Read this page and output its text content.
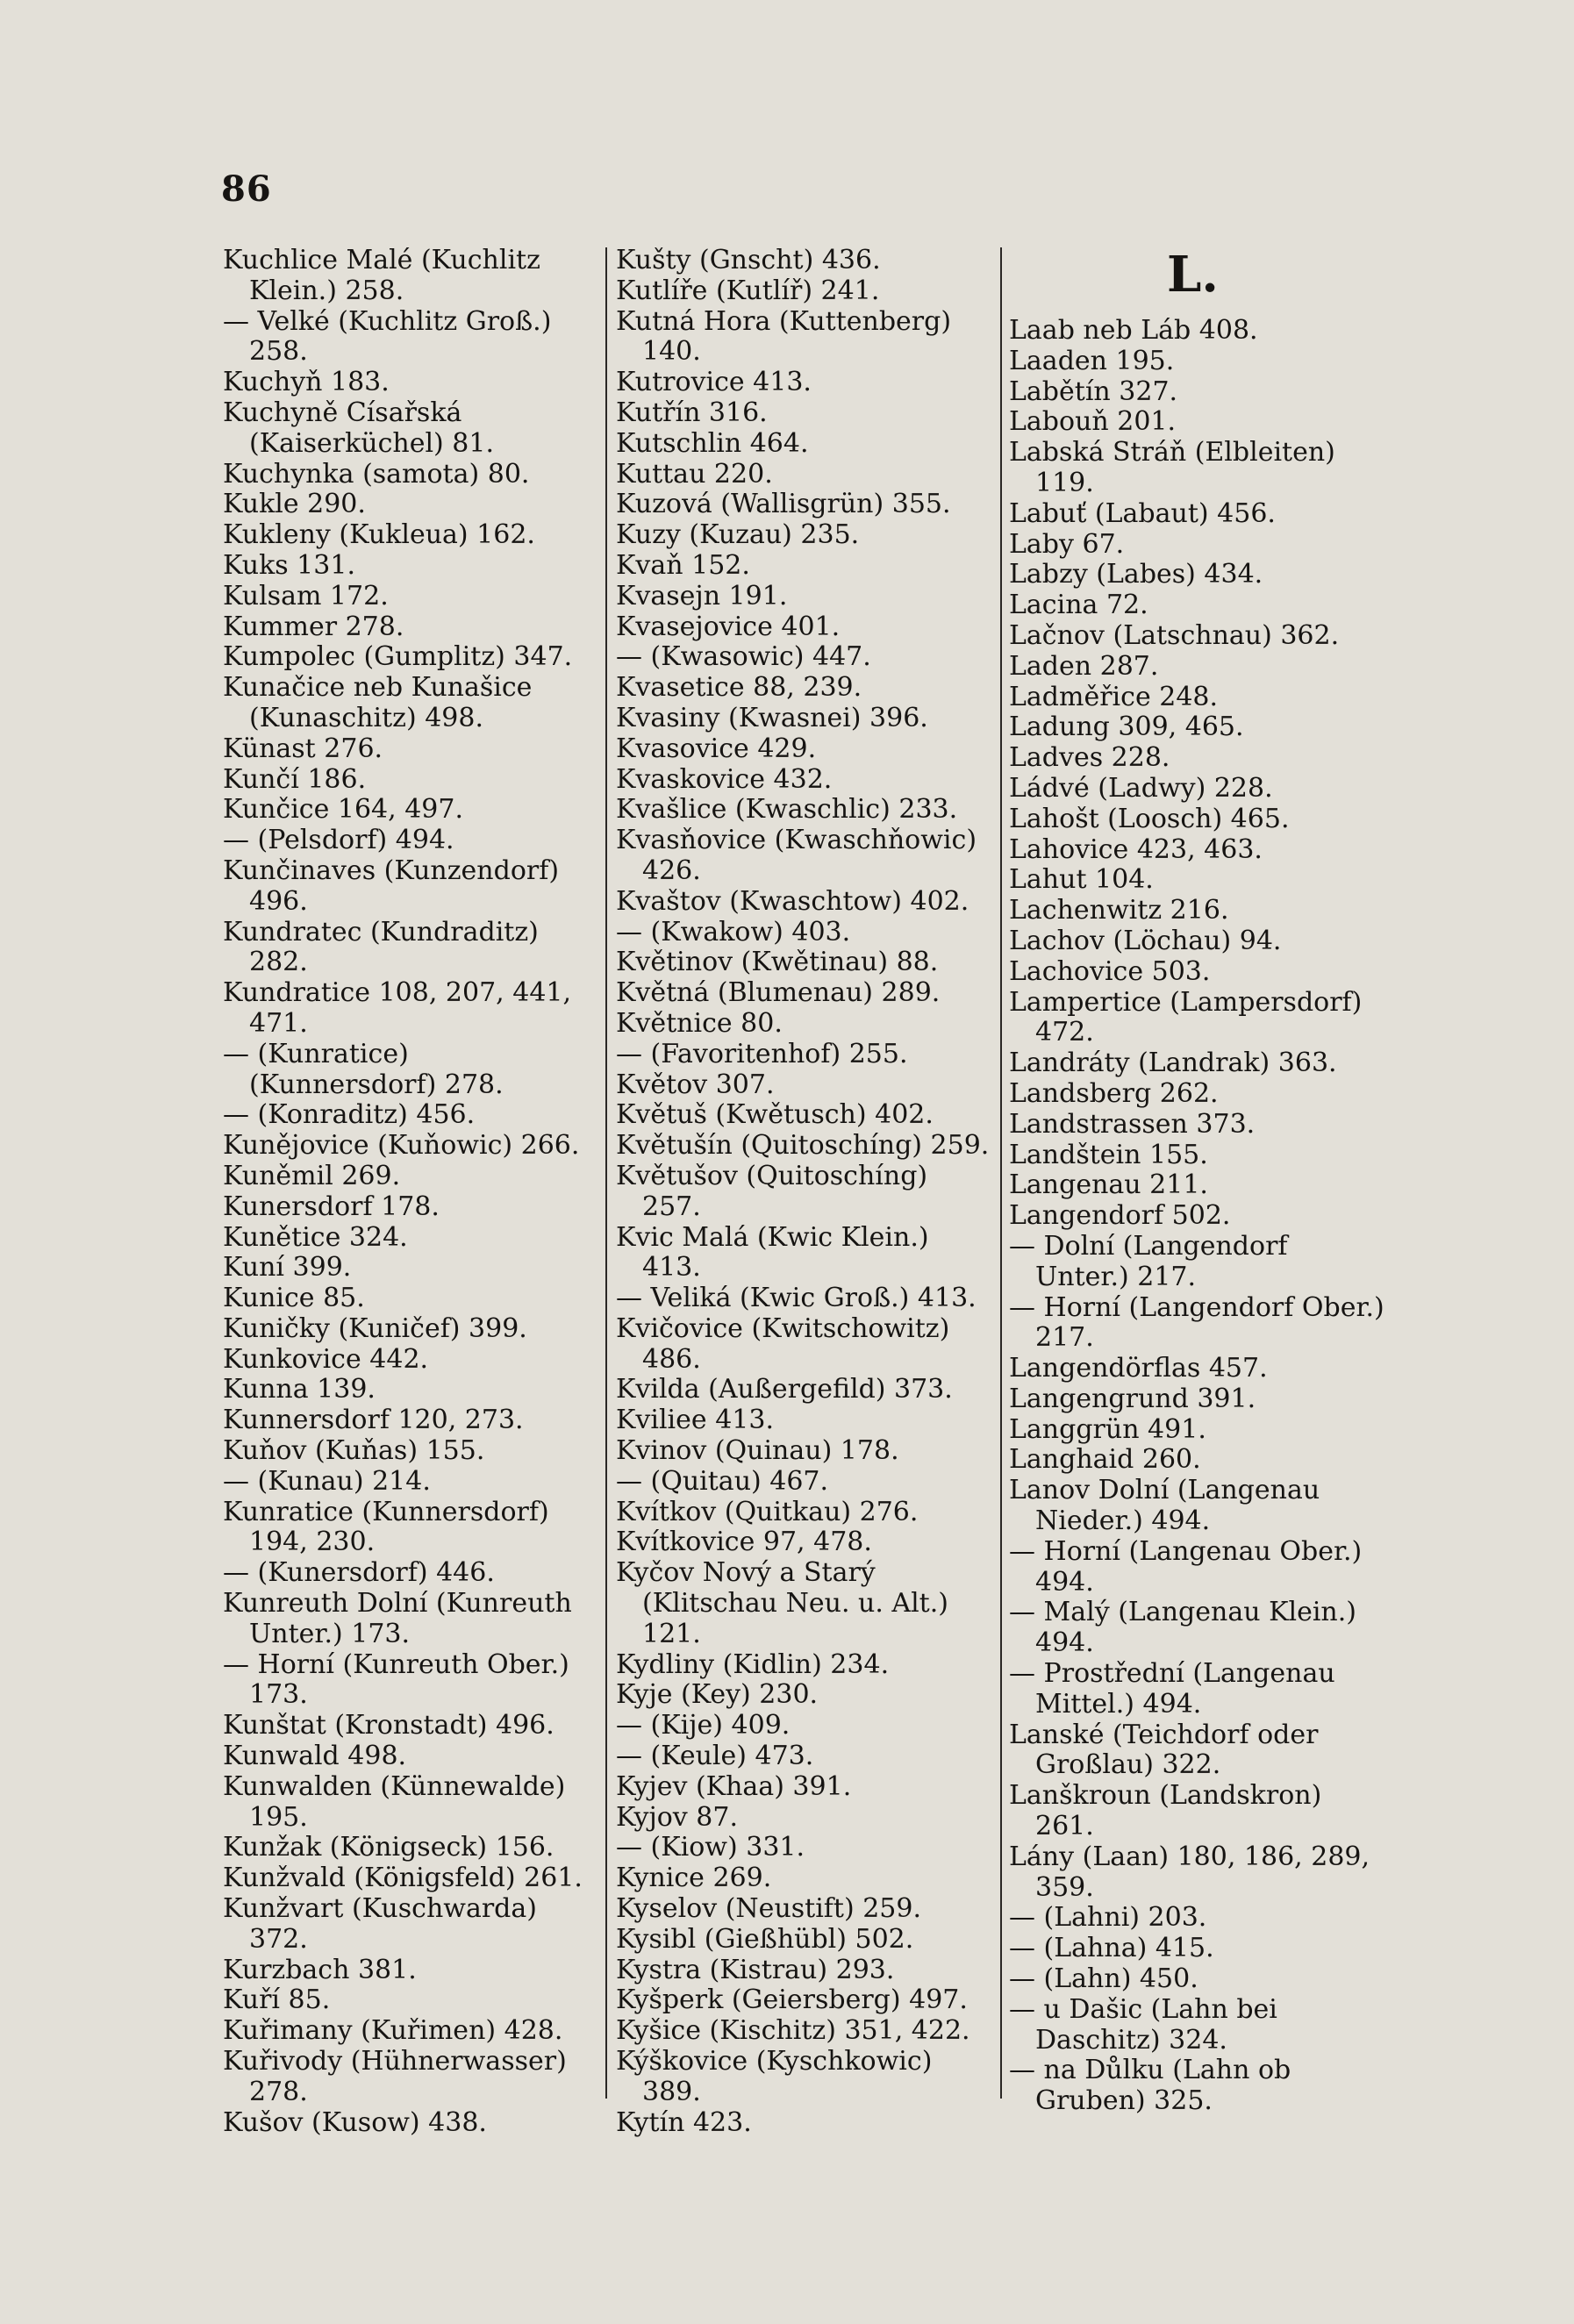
86
Kuchlice Malé (Kuchlitz Klein.) 258.
— Velké (Kuchlitz Groß.) 258.
Kuchyň 183.
Kuchyně Císařská (Kaiserküchel) 81.
Kuchynka (samota) 80.
Kukle 290.
Kukleny (Kukleua) 162.
Kuks 131.
Kulsam 172.
Kummer 278.
Kumpolec (Gumplitz) 347.
Kunačice neb Kunašice (Kunaschitz) 498.
Künast 276.
Kunčí 186.
Kunčice 164, 497.
— (Pelsdorf) 494.
Kunčinaves (Kunzendorf) 496.
Kundratec (Kundraditz) 282.
Kundratice 108, 207, 441, 471.
— (Kunratice) (Kunnersdorf) 278.
— (Konraditz) 456.
Kunějovice (Kuňowic) 266.
Kuněmil 269.
Kunersdorf 178.
Kunětice 324.
Kuní 399.
Kunice 85.
Kuničky (Kuničef) 399.
Kunkovice 442.
Kunna 139.
Kunnersdorf 120, 273.
Kuňov (Kuňas) 155.
— (Kunau) 214.
Kunratice (Kunnersdorf) 194, 230.
— (Kunersdorf) 446.
Kunreuth Dolní (Kunreuth Unter.) 173.
— Horní (Kunreuth Ober.) 173.
Kunštat (Kronstadt) 496.
Kunwald 498.
Kunwalden (Künnewalde) 195.
Kunžak (Königseck) 156.
Kunžvald (Königsfeld) 261.
Kunžvart (Kuschwarda) 372.
Kurzbach 381.
Kuří 85.
Kuřimany (Kuřimen) 428.
Kuřivody (Hühnerwasser) 278.
Kušov (Kusow) 438.
Kušty (Gnscht) 436.
Kutlíře (Kutlíř) 241.
Kutná Hora (Kuttenberg) 140.
Kutrovice 413.
Kutřín 316.
Kutschlin 464.
Kuttau 220.
Kuzová (Wallisgrün) 355.
Kuzy (Kuzau) 235.
Kvaň 152.
Kvasejn 191.
Kvasejovice 401.
— (Kwasowic) 447.
Kvasetice 88, 239.
Kvasiny (Kwasnei) 396.
Kvasovice 429.
Kvaskovice 432.
Kvašlice (Kwaschlic) 233.
Kvasňovice (Kwaschňowic) 426.
Kvaštov (Kwaschtow) 402.
— (Kwakow) 403.
Květinov (Kwětinau) 88.
Květná (Blumenau) 289.
Květnice 80.
— (Favoritenhof) 255.
Květov 307.
Květuš (Kwětusch) 402.
Květušín (Quitoschíng) 259.
Květušov (Quitoschíng) 257.
Kvic Malá (Kwic Klein.) 413.
— Veliká (Kwic Groß.) 413.
Kvičovice (Kwitschowitz) 486.
Kvilda (Außergefild) 373.
Kviliee 413.
Kvinov (Quinau) 178.
— (Quitau) 467.
Kvítkov (Quitkau) 276.
Kvítkovice 97, 478.
Kyčov Nový a Starý (Klitschau Neu. u. Alt.) 121.
Kydliny (Kidlin) 234.
Kyje (Key) 230.
— (Kije) 409.
— (Keule) 473.
Kyjev (Khaa) 391.
Kyjov 87.
— (Kiow) 331.
Kynice 269.
Kyselov (Neustift) 259.
Kysibl (Gießhübl) 502.
Kystra (Kistrau) 293.
Kyšperk (Geiersberg) 497.
Kyšice (Kischitz) 351, 422.
Kýškovice (Kyschkowic) 389.
Kytín 423.
L.
Laab neb Láb 408.
Laaden 195.
Labětín 327.
Labouň 201.
Labská Stráň (Elbleiten) 119.
Labuť (Labaut) 456.
Laby 67.
Labzy (Labes) 434.
Lacina 72.
Lačnov (Latschnau) 362.
Laden 287.
Ladměřice 248.
Ladung 309, 465.
Ladves 228.
Ládvé (Ladwy) 228.
Lahošt (Loosch) 465.
Lahovice 423, 463.
Lahut 104.
Lachenwitz 216.
Lachov (Löchau) 94.
Lachovice 503.
Lampertice (Lampersdorf) 472.
Landráty (Landrak) 363.
Landsberg 262.
Landstrassen 373.
Landštein 155.
Langenau 211.
Langendorf 502.
— Dolní (Langendorf Unter.) 217.
— Horní (Langendorf Ober.) 217.
Langendörflas 457.
Langengrund 391.
Langgrün 491.
Langhaid 260.
Lanov Dolní (Langenau Nieder.) 494.
— Horní (Langenau Ober.) 494.
— Malý (Langenau Klein.) 494.
— Prostřední (Langenau Mittel.) 494.
Lanské (Teichdorf oder Großlau) 322.
Lanškroun (Landskron) 261.
Lány (Laan) 180, 186, 289, 359.
— (Lahni) 203.
— (Lahna) 415.
— (Lahn) 450.
— u Dašic (Lahn bei Daschitz) 324.
— na Důlku (Lahn ob Gruben) 325.
